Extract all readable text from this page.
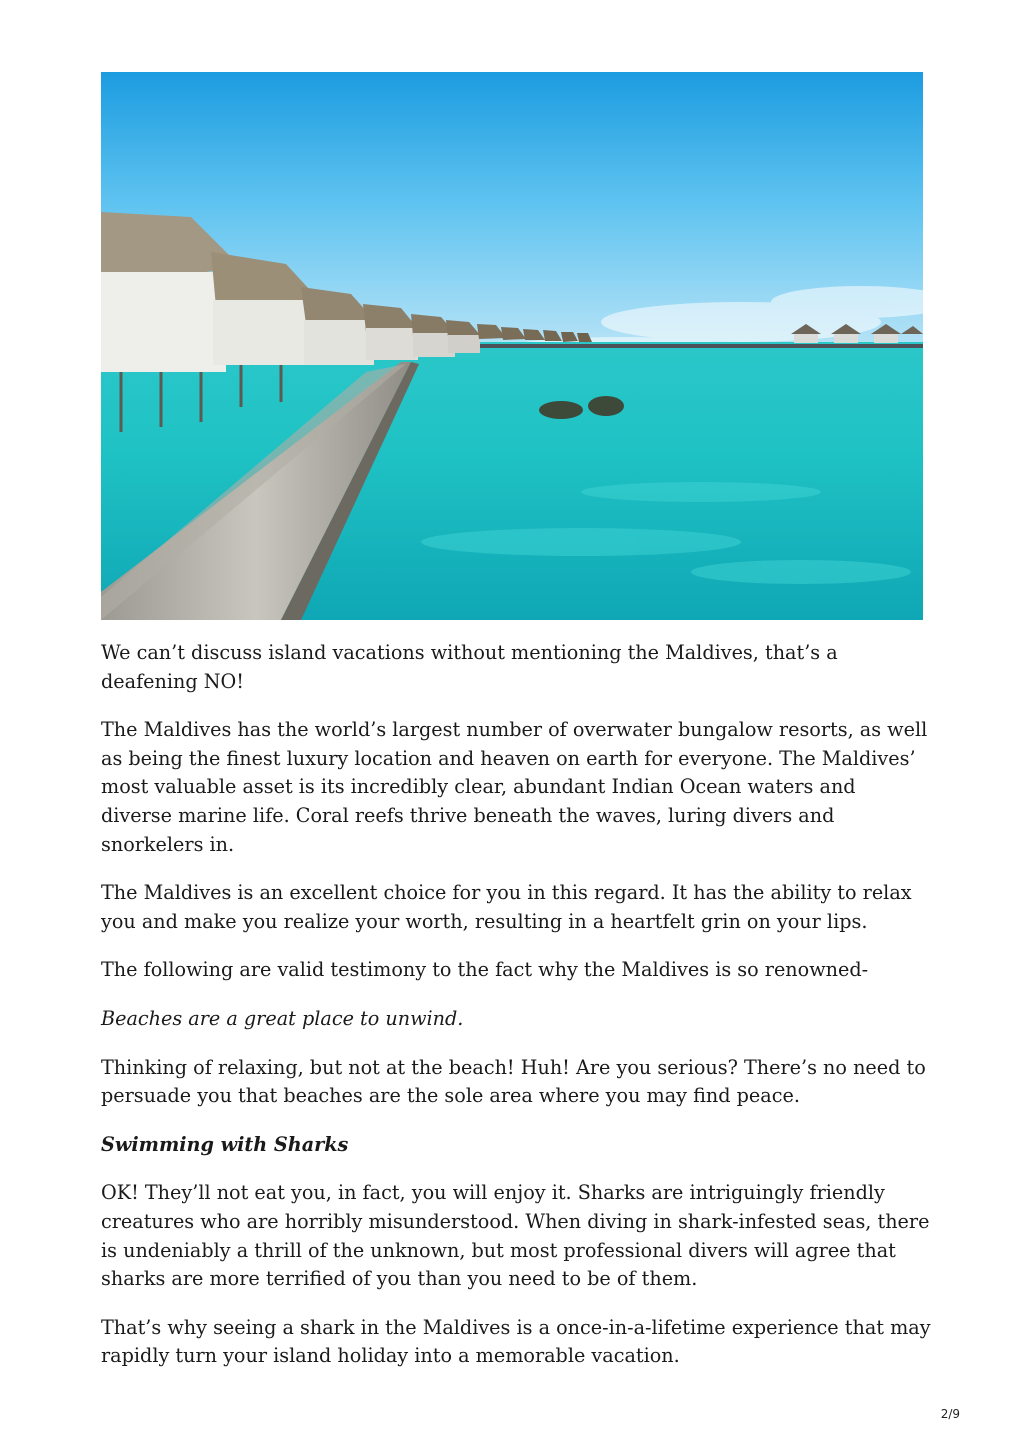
We can’t discuss island vacations without mentioning the Maldives, that’s a deafening NO!

The Maldives has the world’s largest number of overwater bungalow resorts, as well as being the finest luxury location and heaven on earth for everyone. The Maldives’ most valuable asset is its incredibly clear, abundant Indian Ocean waters and diverse marine life. Coral reefs thrive beneath the waves, luring divers and snorkelers in.

The Maldives is an excellent choice for you in this regard. It has the ability to relax you and make you realize your worth, resulting in a heartfelt grin on your lips.

The following are valid testimony to the fact why the Maldives is so renowned-

Beaches are a great place to unwind.

Thinking of relaxing, but not at the beach! Huh! Are you serious? There’s no need to persuade you that beaches are the sole area where you may find peace.

Swimming with Sharks

OK! They’ll not eat you, in fact, you will enjoy it. Sharks are intriguingly friendly creatures who are horribly misunderstood. When diving in shark-infested seas, there is undeniably a thrill of the unknown, but most professional divers will agree that sharks are more terrified of you than you need to be of them.

That’s why seeing a shark in the Maldives is a once-in-a-lifetime experience that may rapidly turn your island holiday into a memorable vacation.

2/9
